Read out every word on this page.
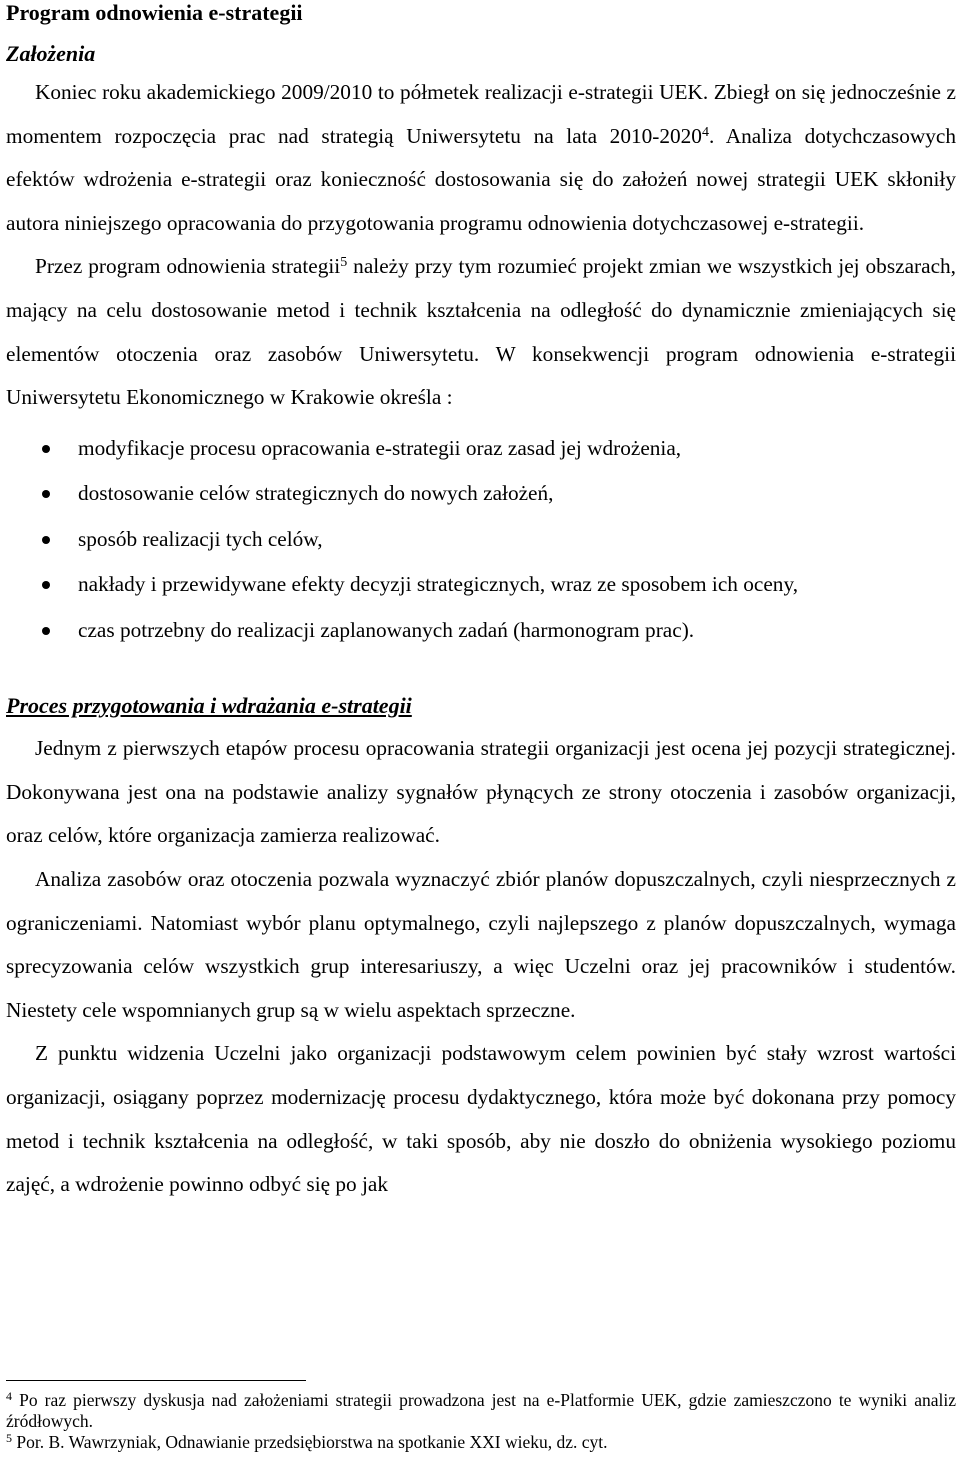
Program odnowienia e-strategii
Założenia

Koniec roku akademickiego 2009/2010 to półmetek realizacji e-strategii UEK. Zbiegł on się jednocześnie z momentem rozpoczęcia prac nad strategią Uniwersytetu na lata 2010-2020$^4$. Analiza dotychczasowych efektów wdrożenia e-strategii oraz konieczność dostosowania się do założeń nowej strategii UEK skłoniły autora niniejszego opracowania do przygotowania programu odnowienia dotychczasowej e-strategii.

Przez program odnowienia strategii$^5$ należy przy tym rozumieć projekt zmian we wszystkich jej obszarach, mający na celu dostosowanie metod i technik kształcenia na odległość do dynamicznie zmieniających się elementów otoczenia oraz zasobów Uniwersytetu. W konsekwencji program odnowienia e-strategii Uniwersytetu Ekonomicznego w Krakowie określa :

modyfikacje procesu opracowania e-strategii oraz zasad jej wdrożenia,
dostosowanie celów strategicznych do nowych założeń,
sposób realizacji tych celów,
nakłady i przewidywane efekty decyzji strategicznych, wraz ze sposobem ich oceny,
czas potrzebny do realizacji zaplanowanych zadań (harmonogram prac).
Proces przygotowania i wdrażania e-strategii

Jednym z pierwszych etapów procesu opracowania strategii organizacji jest ocena jej pozycji strategicznej. Dokonywana jest ona na podstawie analizy sygnałów płynących ze strony otoczenia i zasobów organizacji, oraz celów, które organizacja zamierza realizować.

Analiza zasobów oraz otoczenia pozwala wyznaczyć zbiór planów dopuszczalnych, czyli niesprzecznych z ograniczeniami. Natomiast wybór planu optymalnego, czyli najlepszego z planów dopuszczalnych, wymaga sprecyzowania celów wszystkich grup interesariuszy, a więc Uczelni oraz jej pracowników i studentów. Niestety cele wspomnianych grup są w wielu aspektach sprzeczne.

Z punktu widzenia Uczelni jako organizacji podstawowym celem powinien być stały wzrost wartości organizacji, osiągany poprzez modernizację procesu dydaktycznego, która może być dokonana przy pomocy metod i technik kształcenia na odległość, w taki sposób, aby nie doszło do obniżenia wysokiego poziomu zajęć, a wdrożenie powinno odbyć się po jak

$^4$ Po raz pierwszy dyskusja nad założeniami strategii prowadzona jest na e-Platformie UEK, gdzie zamieszczono te wyniki analiz źródłowych.

$^5$ Por. B. Wawrzyniak, Odnawianie przedsiębiorstwa na spotkanie XXI wieku, dz. cyt.
